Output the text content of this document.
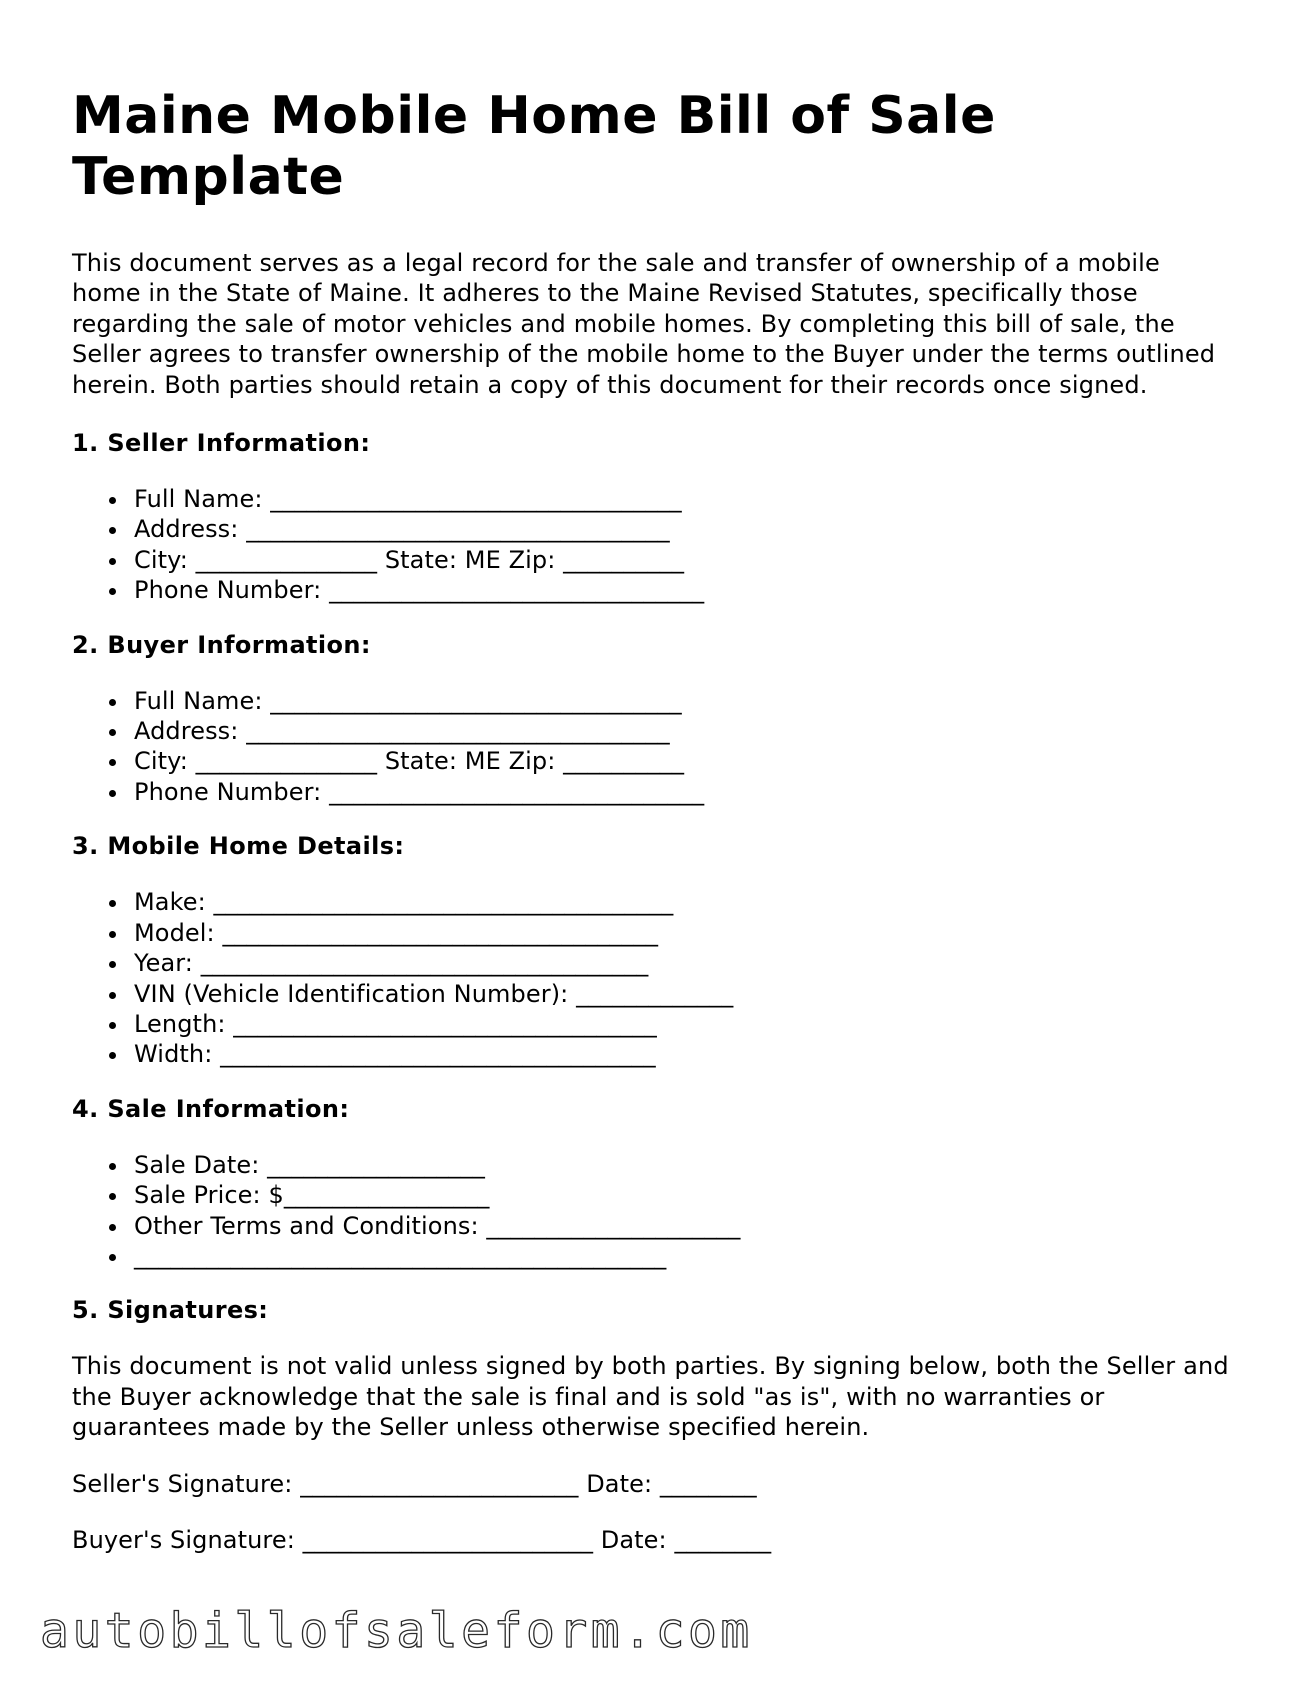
Maine Mobile Home Bill of Sale Template

This document serves as a legal record for the sale and transfer of ownership of a mobile home in the State of Maine. It adheres to the Maine Revised Statutes, specifically those regarding the sale of motor vehicles and mobile homes. By completing this bill of sale, the Seller agrees to transfer ownership of the mobile home to the Buyer under the terms outlined herein. Both parties should retain a copy of this document for their records once signed.

1. Seller Information:
Full Name: __________________________________
Address: ___________________________________
City: _______________ State: ME Zip: __________
Phone Number: _______________________________
2. Buyer Information:
Full Name: __________________________________
Address: ___________________________________
City: _______________ State: ME Zip: __________
Phone Number: _______________________________
3. Mobile Home Details:
Make: ______________________________________
Model: ____________________________________
Year: _____________________________________
VIN (Vehicle Identification Number): _____________
Length: ___________________________________
Width: ____________________________________
4. Sale Information:
Sale Date: __________________
Sale Price: $_________________
Other Terms and Conditions: _____________________
____________________________________________
5. Signatures:

This document is not valid unless signed by both parties. By signing below, both the Seller and the Buyer acknowledge that the sale is final and is sold "as is", with no warranties or guarantees made by the Seller unless otherwise specified herein.

Seller's Signature: _______________________ Date: ________
Buyer's Signature: ________________________ Date: ________
autobillofsaleform.com
